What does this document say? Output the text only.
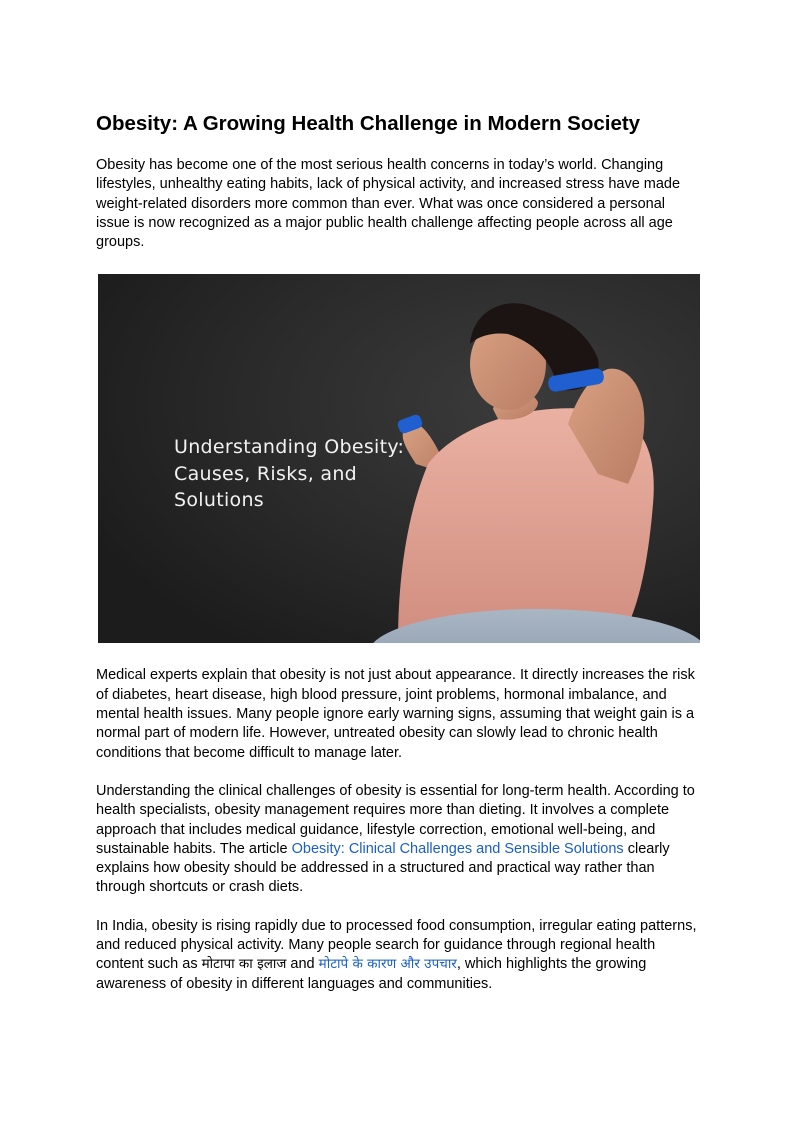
Obesity: A Growing Health Challenge in Modern Society

Obesity has become one of the most serious health concerns in today’s world. Changing lifestyles, unhealthy eating habits, lack of physical activity, and increased stress have made weight-related disorders more common than ever. What was once considered a personal issue is now recognized as a major public health challenge affecting people across all age groups.

Understanding Obesity:
Causes, Risks, and
Solutions

Medical experts explain that obesity is not just about appearance. It directly increases the risk of diabetes, heart disease, high blood pressure, joint problems, hormonal imbalance, and mental health issues. Many people ignore early warning signs, assuming that weight gain is a normal part of modern life. However, untreated obesity can slowly lead to chronic health conditions that become difficult to manage later.

Understanding the clinical challenges of obesity is essential for long-term health. According to health specialists, obesity management requires more than dieting. It involves a complete approach that includes medical guidance, lifestyle correction, emotional well-being, and sustainable habits. The article Obesity: Clinical Challenges and Sensible Solutions clearly explains how obesity should be addressed in a structured and practical way rather than through shortcuts or crash diets.

In India, obesity is rising rapidly due to processed food consumption, irregular eating patterns, and reduced physical activity. Many people search for guidance through regional health content such as मोटापा का इलाज and मोटापे के कारण और उपचार, which highlights the growing awareness of obesity in different languages and communities.
